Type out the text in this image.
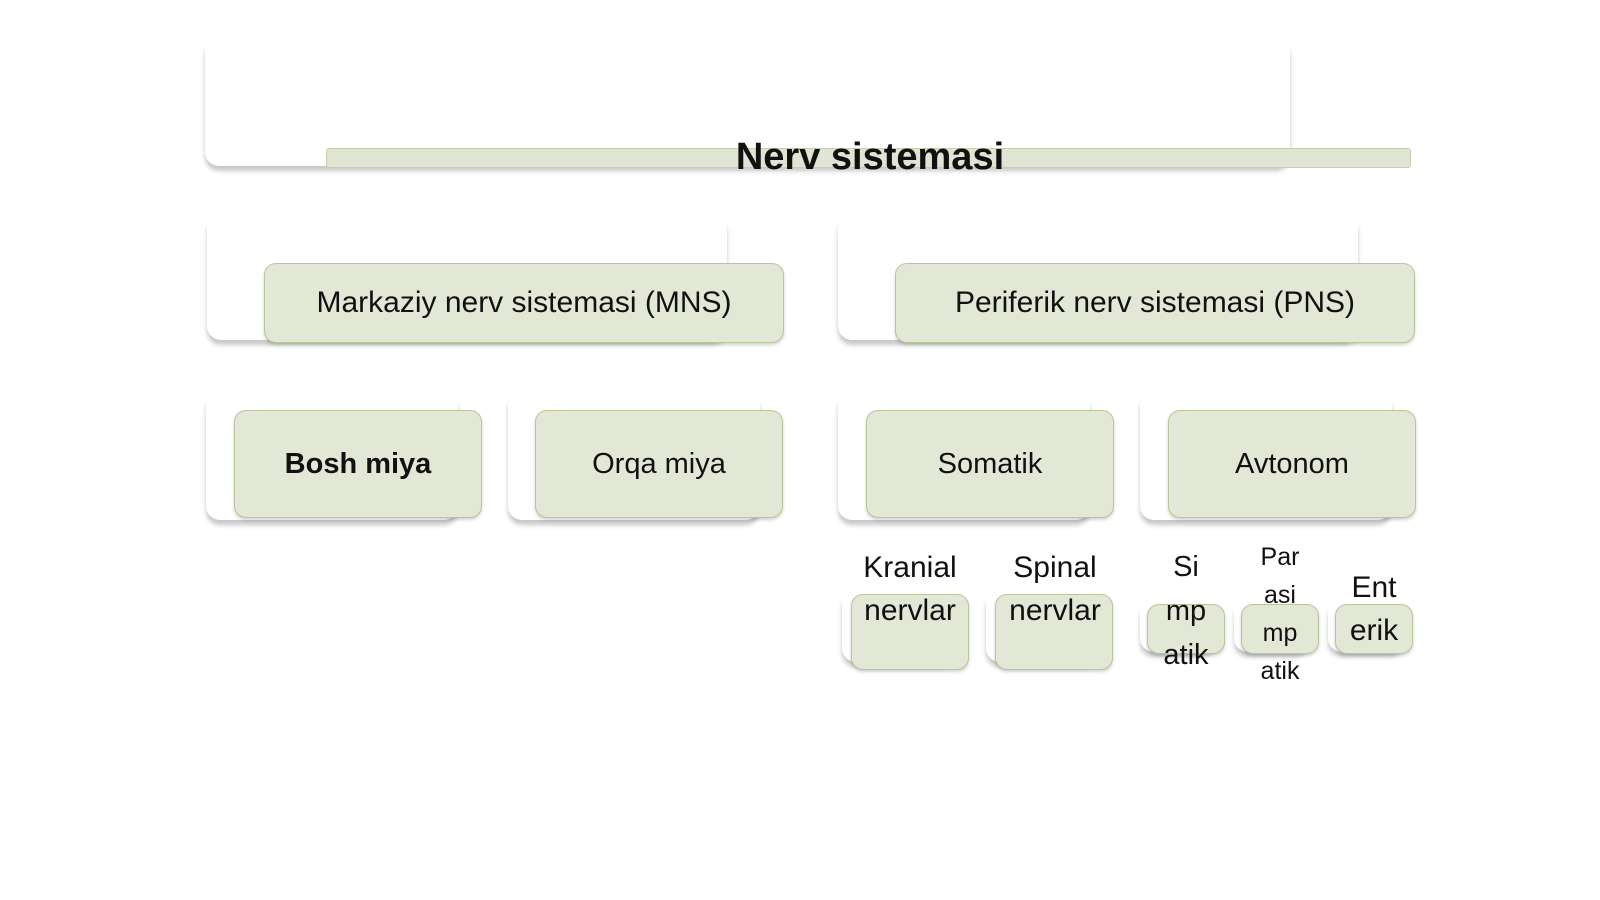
Nerv sistemasi
Markaziy nerv sistemasi (MNS)	Periferik nerv sistemasi (PNS)
Bosh miya	Orqa miya	Somatik	Avtonom
Kranial nervlar
Spinal nervlar
Simpatik
Parasimpatik
Enterik
